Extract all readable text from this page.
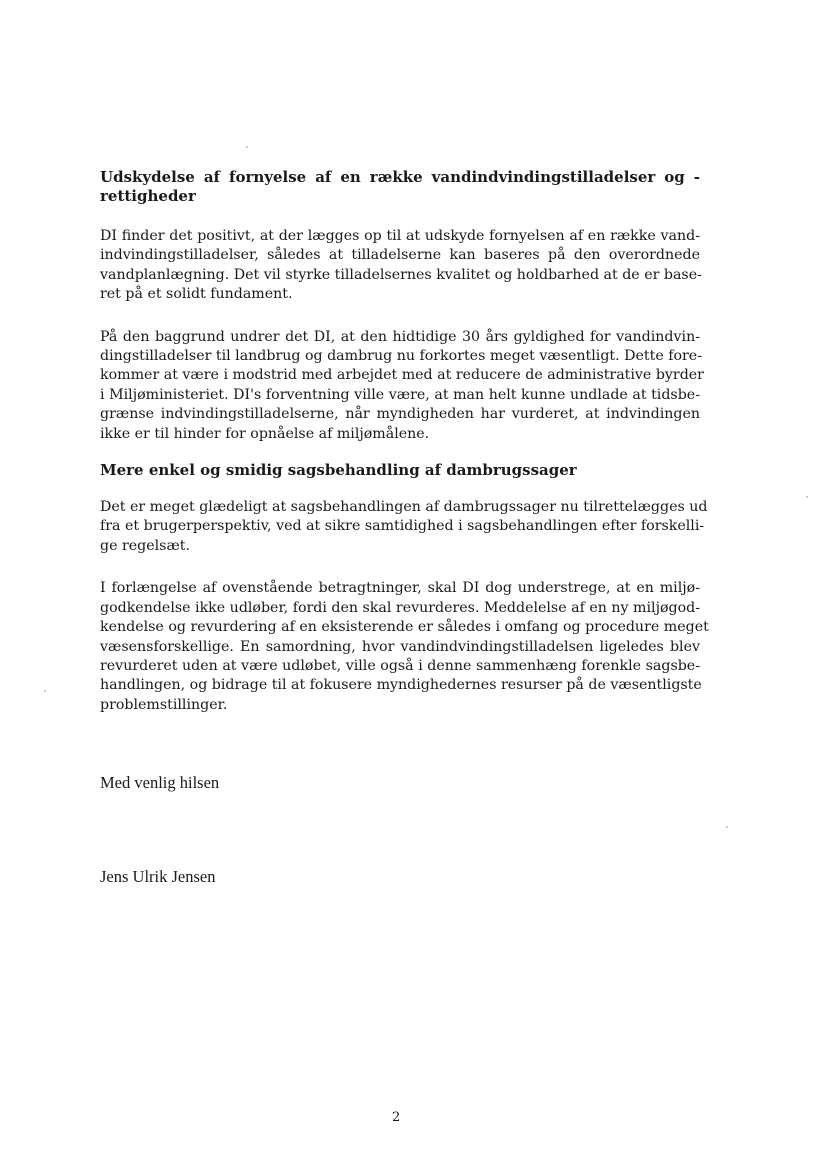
Udskydelse af fornyelse af en række vandindvindingstilladelser og -
rettigheder

DI finder det positivt, at der lægges op til at udskyde fornyelsen af en række vand-
indvindingstilladelser, således at tilladelserne kan baseres på den overordnede
vandplanlægning. Det vil styrke tilladelsernes kvalitet og holdbarhed at de er base-
ret på et solidt fundament.

På den baggrund undrer det DI, at den hidtidige 30 års gyldighed for vandindvin-
dingstilladelser til landbrug og dambrug nu forkortes meget væsentligt. Dette fore-
kommer at være i modstrid med arbejdet med at reducere de administrative byrder
i Miljøministeriet. DI's forventning ville være, at man helt kunne undlade at tidsbe-
grænse indvindingstilladelserne, når myndigheden har vurderet, at indvindingen
ikke er til hinder for opnåelse af miljømålene.

Mere enkel og smidig sagsbehandling af dambrugssager

Det er meget glædeligt at sagsbehandlingen af dambrugssager nu tilrettelægges ud
fra et brugerperspektiv, ved at sikre samtidighed i sagsbehandlingen efter forskelli-
ge regelsæt.

I forlængelse af ovenstående betragtninger, skal DI dog understrege, at en miljø-
godkendelse ikke udløber, fordi den skal revurderes. Meddelelse af en ny miljøgod-
kendelse og revurdering af en eksisterende er således i omfang og procedure meget
væsensforskellige. En samordning, hvor vandindvindingstilladelsen ligeledes blev
revurderet uden at være udløbet, ville også i denne sammenhæng forenkle sagsbe-
handlingen, og bidrage til at fokusere myndighedernes resurser på de væsentligste
problemstillinger.

Med venlig hilsen

Jens Ulrik Jensen

2
